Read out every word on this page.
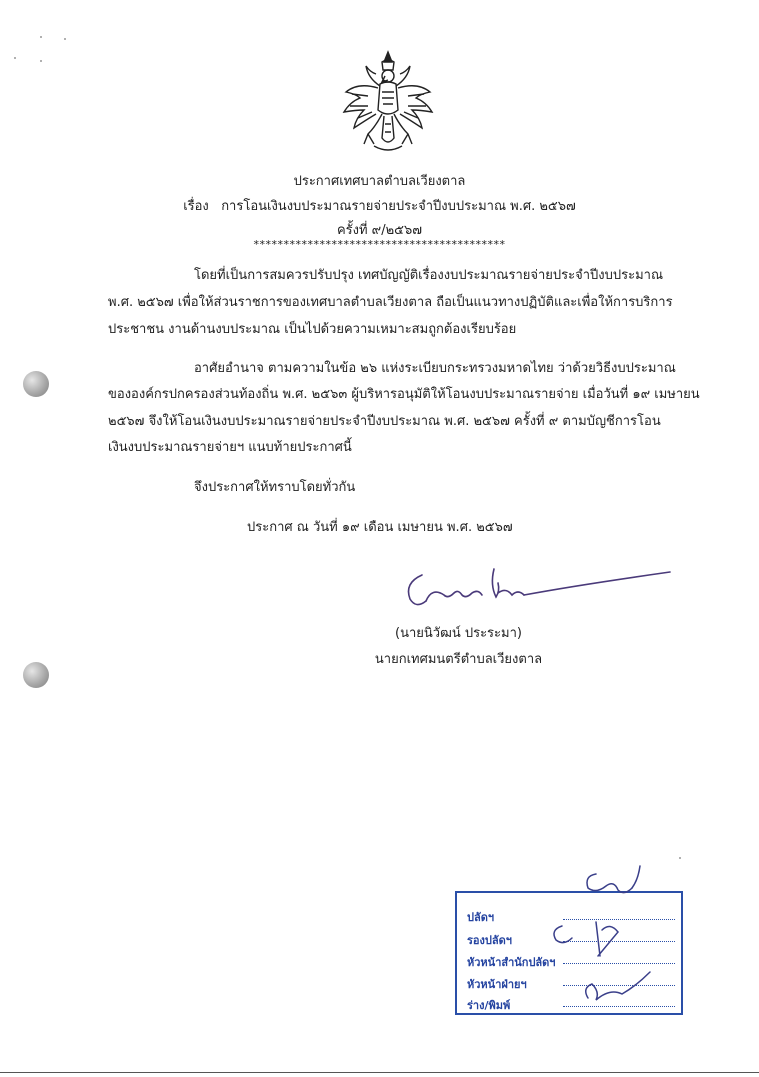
ประกาศเทศบาลตำบลเวียงตาล
เรื่อง การโอนเงินงบประมาณรายจ่ายประจำปีงบประมาณ พ.ศ. ๒๕๖๗
ครั้งที่ ๙/๒๕๖๗
******************************************
โดยที่เป็นการสมควรปรับปรุง เทศบัญญัติเรื่องงบประมาณรายจ่ายประจำปีงบประมาณ
พ.ศ. ๒๕๖๗ เพื่อให้ส่วนราชการของเทศบาลตำบลเวียงตาล ถือเป็นแนวทางปฏิบัติและเพื่อให้การบริการ
ประชาชน งานด้านงบประมาณ เป็นไปด้วยความเหมาะสมถูกต้องเรียบร้อย
อาศัยอำนาจ ตามความในข้อ ๒๖ แห่งระเบียบกระทรวงมหาดไทย ว่าด้วยวิธีงบประมาณ
ขององค์กรปกครองส่วนท้องถิ่น พ.ศ. ๒๕๖๓ ผู้บริหารอนุมัติให้โอนงบประมาณรายจ่าย เมื่อวันที่ ๑๙ เมษายน
๒๕๖๗ จึงให้โอนเงินงบประมาณรายจ่ายประจำปีงบประมาณ พ.ศ. ๒๕๖๗ ครั้งที่ ๙ ตามบัญชีการโอน
เงินงบประมาณรายจ่ายฯ แนบท้ายประกาศนี้
จึงประกาศให้ทราบโดยทั่วกัน
ประกาศ ณ วันที่ ๑๙ เดือน เมษายน พ.ศ. ๒๕๖๗
(นายนิวัฒน์ ประระมา)
นายกเทศมนตรีตำบลเวียงตาล
ปลัดฯ
รองปลัดฯ
หัวหน้าสำนักปลัดฯ
หัวหน้าฝ่ายฯ
ร่าง/พิมพ์
